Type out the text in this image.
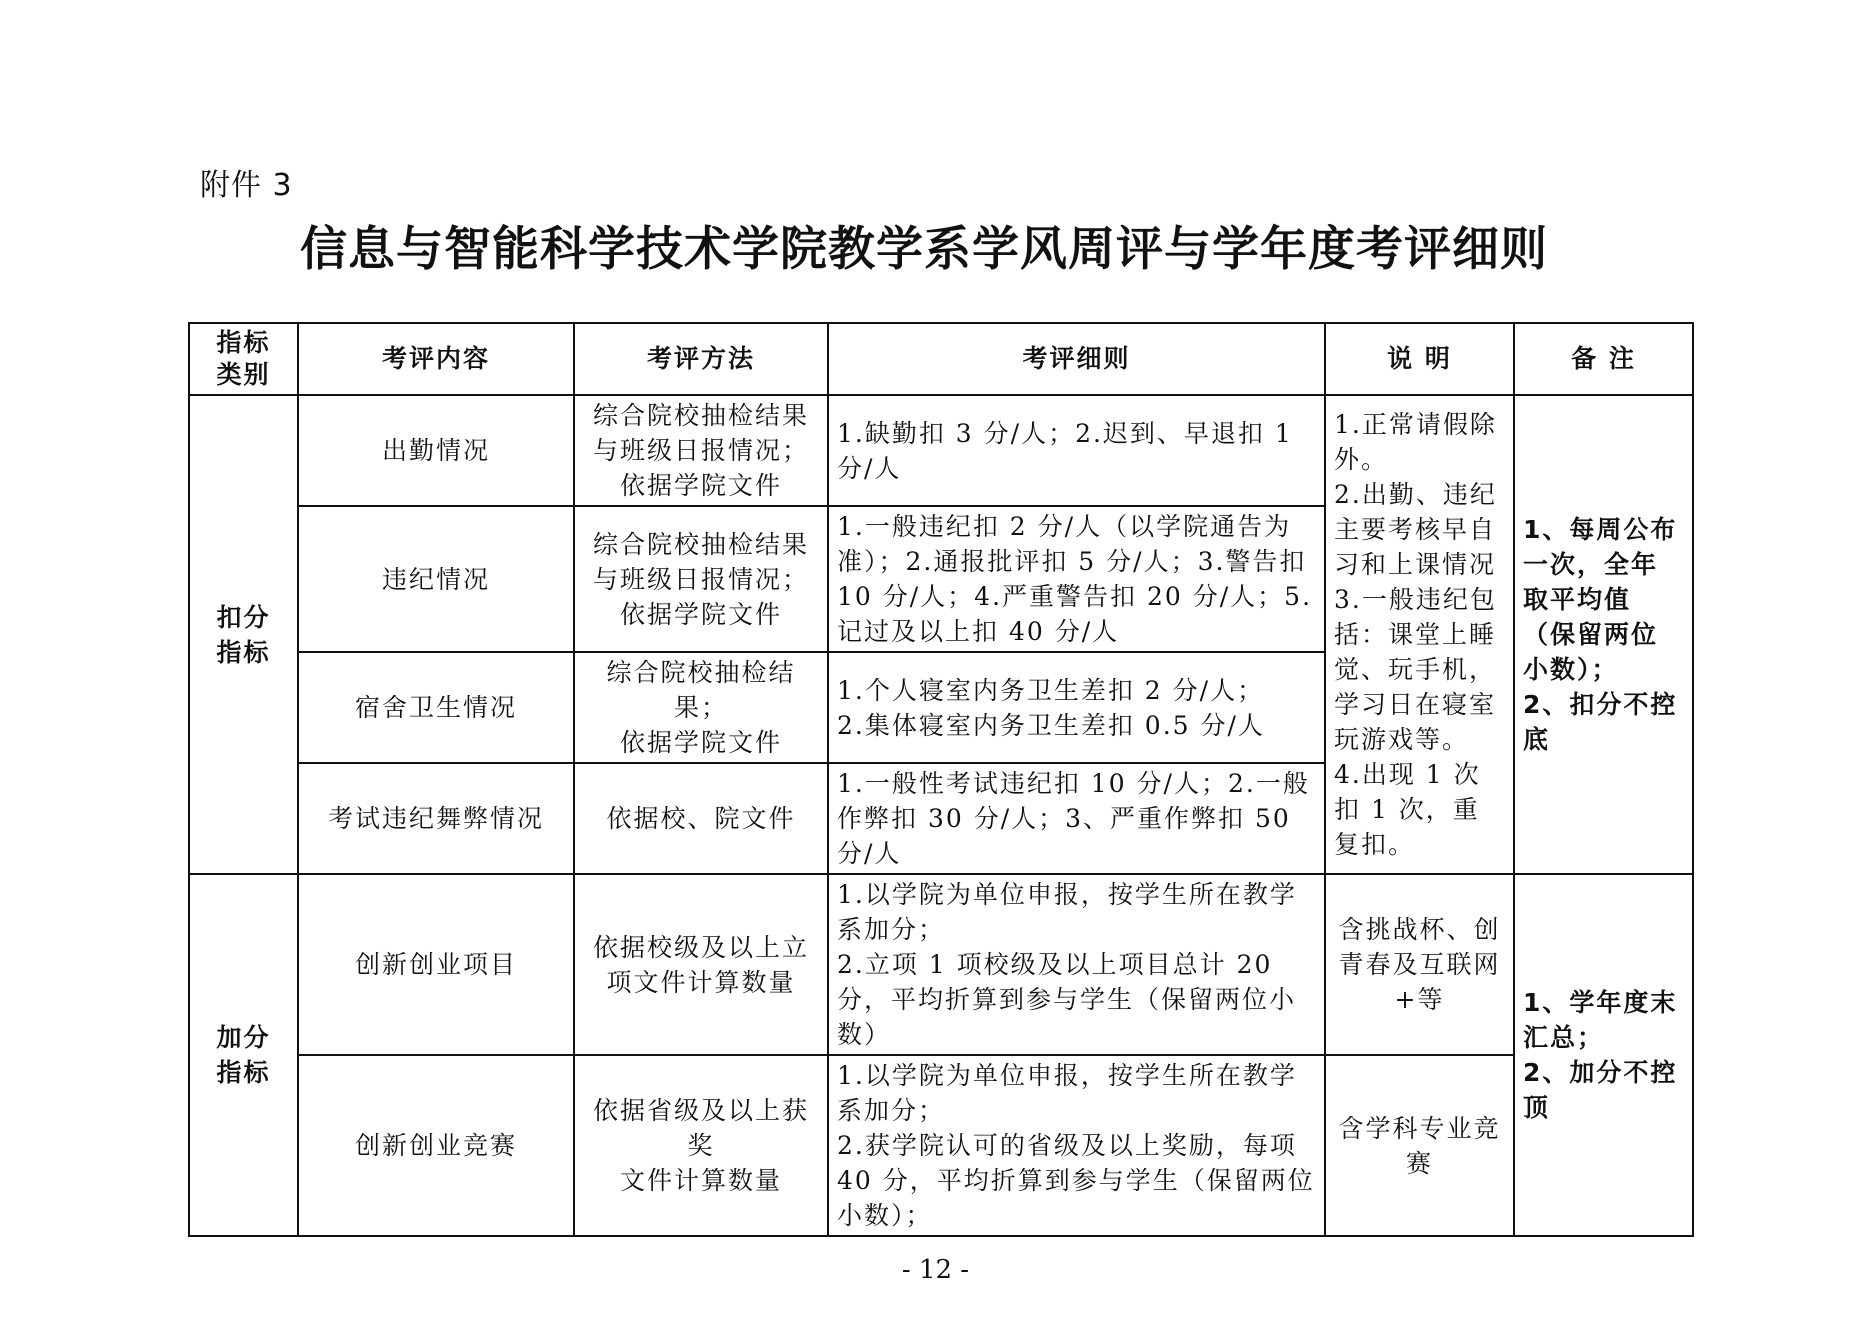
附件 3
信息与智能科学技术学院教学系学风周评与学年度考评细则
指标
类别	考评内容	考评方法	考评细则	说 明	备 注
扣分
指标	出勤情况	综合院校抽检结果
与班级日报情况；
依据学院文件	1.缺勤扣 3 分/人；2.迟到、早退扣 1 分/人	1.正常请假除外。
2.出勤、违纪主要考核早自习和上课情况
3.一般违纪包括：课堂上睡觉、玩手机，学习日在寝室玩游戏等。
4.出现 1 次扣 1 次，重复扣。	1、每周公布一次，全年取平均值（保留两位小数）；
2、扣分不控底
	违纪情况	综合院校抽检结果
与班级日报情况；
依据学院文件	1.一般违纪扣 2 分/人（以学院通告为准）；2.通报批评扣 5 分/人；3.警告扣 10 分/人；4.严重警告扣 20 分/人；5.记过及以上扣 40 分/人		
	宿舍卫生情况	综合院校抽检结果；
依据学院文件	1.个人寝室内务卫生差扣 2 分/人；
2.集体寝室内务卫生差扣 0.5 分/人		
	考试违纪舞弊情况	依据校、院文件	1.一般性考试违纪扣 10 分/人；2.一般作弊扣 30 分/人；3、严重作弊扣 50 分/人		
加分
指标	创新创业项目	依据校级及以上立
项文件计算数量	1.以学院为单位申报，按学生所在教学系加分；
2.立项 1 项校级及以上项目总计 20 分，平均折算到参与学生（保留两位小数）	含挑战杯、创青春及互联网+等	1、学年度末汇总；
2、加分不控顶
	创新创业竞赛	依据省级及以上获
奖
文件计算数量	1.以学院为单位申报，按学生所在教学系加分；
2.获学院认可的省级及以上奖励，每项 40 分，平均折算到参与学生（保留两位小数）；	含学科专业竞赛	
- 12 -
